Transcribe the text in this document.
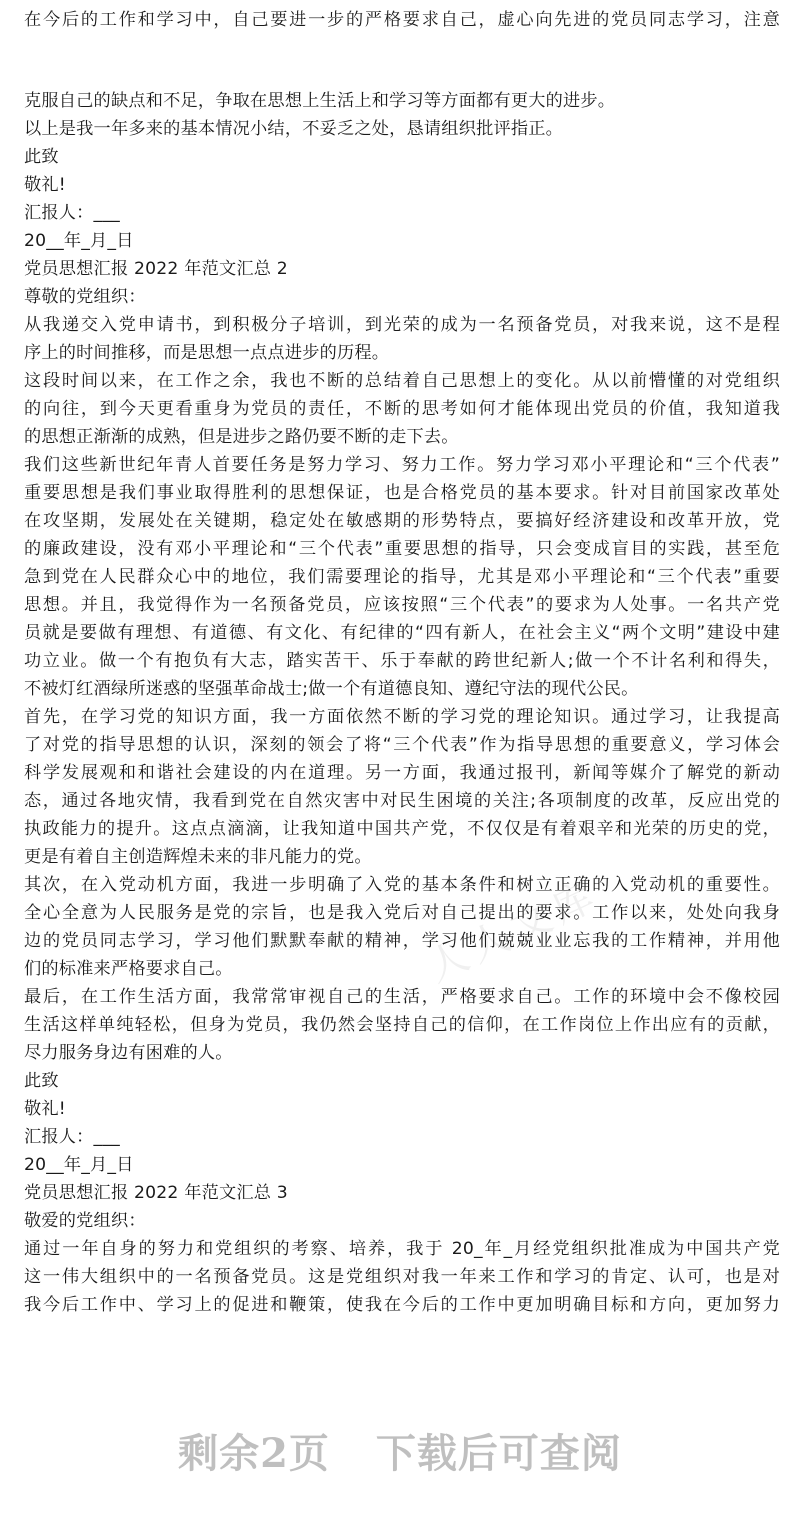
人人文库
在今后的工作和学习中，自己要进一步的严格要求自己，虚心向先进的党员同志学习，注意
克服自己的缺点和不足，争取在思想上生活上和学习等方面都有更大的进步。
以上是我一年多来的基本情况小结，不妥乏之处，恳请组织批评指正。
此致
敬礼!
汇报人：___
20__年_月_日
党员思想汇报 2022 年范文汇总 2
尊敬的党组织：
从我递交入党申请书，到积极分子培训，到光荣的成为一名预备党员，对我来说，这不是程
序上的时间推移，而是思想一点点进步的历程。
这段时间以来，在工作之余，我也不断的总结着自己思想上的变化。从以前懵懂的对党组织
的向往，到今天更看重身为党员的责任，不断的思考如何才能体现出党员的价值，我知道我
的思想正渐渐的成熟，但是进步之路仍要不断的走下去。
我们这些新世纪年青人首要任务是努力学习、努力工作。努力学习邓小平理论和“三个代表”
重要思想是我们事业取得胜利的思想保证，也是合格党员的基本要求。针对目前国家改革处
在攻坚期，发展处在关键期，稳定处在敏感期的形势特点，要搞好经济建设和改革开放，党
的廉政建设，没有邓小平理论和“三个代表”重要思想的指导，只会变成盲目的实践，甚至危
急到党在人民群众心中的地位，我们需要理论的指导，尤其是邓小平理论和“三个代表”重要
思想。并且，我觉得作为一名预备党员，应该按照“三个代表”的要求为人处事。一名共产党
员就是要做有理想、有道德、有文化、有纪律的“四有新人，在社会主义“两个文明”建设中建
功立业。做一个有抱负有大志，踏实苦干、乐于奉献的跨世纪新人;做一个不计名利和得失，
不被灯红酒绿所迷惑的坚强革命战士;做一个有道德良知、遵纪守法的现代公民。
首先，在学习党的知识方面，我一方面依然不断的学习党的理论知识。通过学习，让我提高
了对党的指导思想的认识，深刻的领会了将“三个代表”作为指导思想的重要意义，学习体会
科学发展观和和谐社会建设的内在道理。另一方面，我通过报刊，新闻等媒介了解党的新动
态，通过各地灾情，我看到党在自然灾害中对民生困境的关注;各项制度的改革，反应出党的
执政能力的提升。这点点滴滴，让我知道中国共产党，不仅仅是有着艰辛和光荣的历史的党，
更是有着自主创造辉煌未来的非凡能力的党。
其次，在入党动机方面，我进一步明确了入党的基本条件和树立正确的入党动机的重要性。
全心全意为人民服务是党的宗旨，也是我入党后对自己提出的要求。工作以来，处处向我身
边的党员同志学习，学习他们默默奉献的精神，学习他们兢兢业业忘我的工作精神，并用他
们的标准来严格要求自己。
最后，在工作生活方面，我常常审视自己的生活，严格要求自己。工作的环境中会不像校园
生活这样单纯轻松，但身为党员，我仍然会坚持自己的信仰，在工作岗位上作出应有的贡献，
尽力服务身边有困难的人。
此致
敬礼!
汇报人：___
20__年_月_日
党员思想汇报 2022 年范文汇总 3
敬爱的党组织：
通过一年自身的努力和党组织的考察、培养，我于 20_年_月经党组织批准成为中国共产党
这一伟大组织中的一名预备党员。这是党组织对我一年来工作和学习的肯定、认可，也是对
我今后工作中、学习上的促进和鞭策，使我在今后的工作中更加明确目标和方向，更加努力
剩余2页 下载后可查阅
